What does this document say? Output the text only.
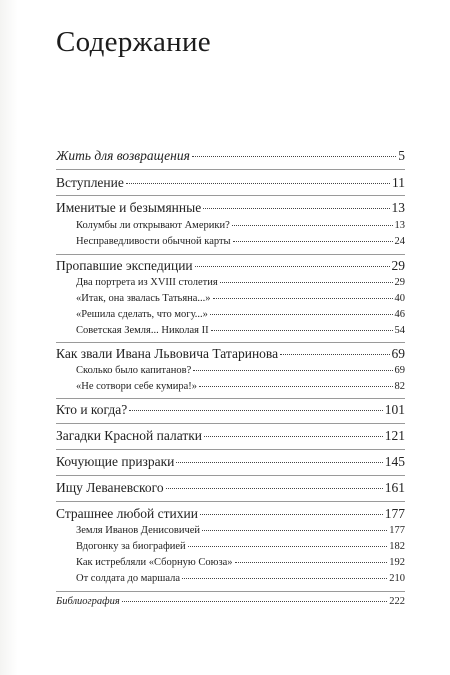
Содержание
Жить для возвращения	5
Вступление	11
Именитые и безымянные	13
Колумбы ли открывают Америки?	13
Несправедливости обычной карты	24
Пропавшие экспедиции	29
Два портрета из XVIII столетия	29
«Итак, она звалась Татьяна...»	40
«Решила сделать, что могу...»	46
Советская Земля... Николая II	54
Как звали Ивана Львовича Татаринова	69
Сколько было капитанов?	69
«Не сотвори себе кумира!»	82
Кто и когда?	101
Загадки Красной палатки	121
Кочующие призраки	145
Ищу Леваневского	161
Страшнее любой стихии	177
Земля Иванов Денисовичей	177
Вдогонку за биографией	182
Как истребляли «Сборную Союза»	192
От солдата до маршала	210
Библиография	222
